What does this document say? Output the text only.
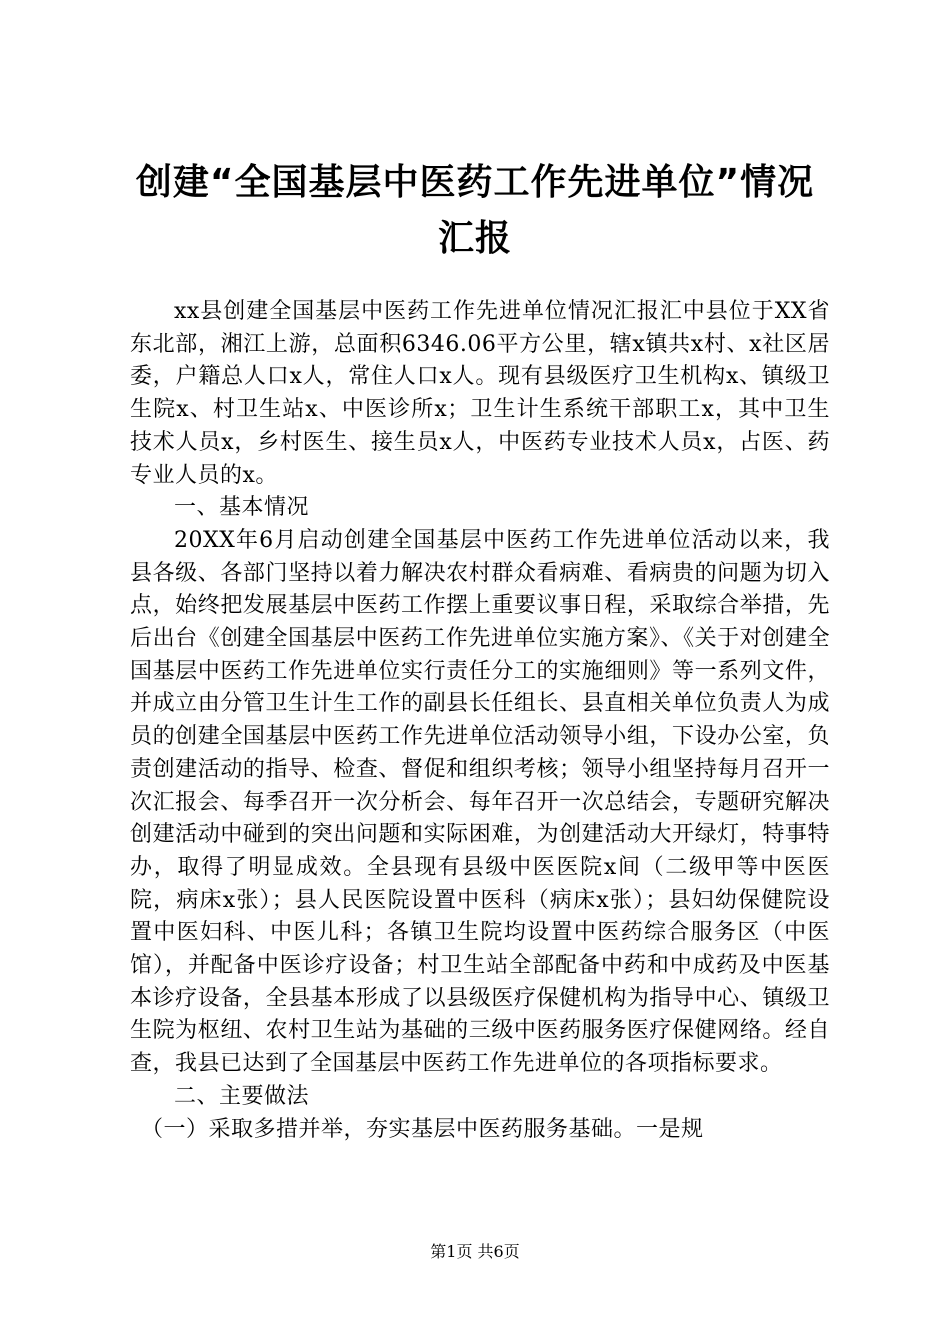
创建“全国基层中医药工作先进单位”情况汇报

xx县创建全国基层中医药工作先进单位情况汇报汇中县位于XX省东北部，湘江上游，总面积6346.06平方公里，辖x镇共x村、x社区居委，户籍总人口x人，常住人口x人。现有县级医疗卫生机构x、镇级卫生院x、村卫生站x、中医诊所x；卫生计生系统干部职工x，其中卫生技术人员x，乡村医生、接生员x人，中医药专业技术人员x，占医、药专业人员的x。

一、基本情况

20XX年6月启动创建全国基层中医药工作先进单位活动以来，我县各级、各部门坚持以着力解决农村群众看病难、看病贵的问题为切入点，始终把发展基层中医药工作摆上重要议事日程，采取综合举措，先后出台《创建全国基层中医药工作先进单位实施方案》、《关于对创建全国基层中医药工作先进单位实行责任分工的实施细则》等一系列文件，并成立由分管卫生计生工作的副县长任组长、县直相关单位负责人为成员的创建全国基层中医药工作先进单位活动领导小组，下设办公室，负责创建活动的指导、检查、督促和组织考核；领导小组坚持每月召开一次汇报会、每季召开一次分析会、每年召开一次总结会，专题研究解决创建活动中碰到的突出问题和实际困难，为创建活动大开绿灯，特事特办，取得了明显成效。全县现有县级中医医院x间（二级甲等中医医院，病床x张）；县人民医院设置中医科（病床x张）；县妇幼保健院设置中医妇科、中医儿科；各镇卫生院均设置中医药综合服务区（中医馆），并配备中医诊疗设备；村卫生站全部配备中药和中成药及中医基本诊疗设备，全县基本形成了以县级医疗保健机构为指导中心、镇级卫生院为枢纽、农村卫生站为基础的三级中医药服务医疗保健网络。经自查，我县已达到了全国基层中医药工作先进单位的各项指标要求。

二、主要做法

（一）采取多措并举，夯实基层中医药服务基础。一是规

第1页 共6页
